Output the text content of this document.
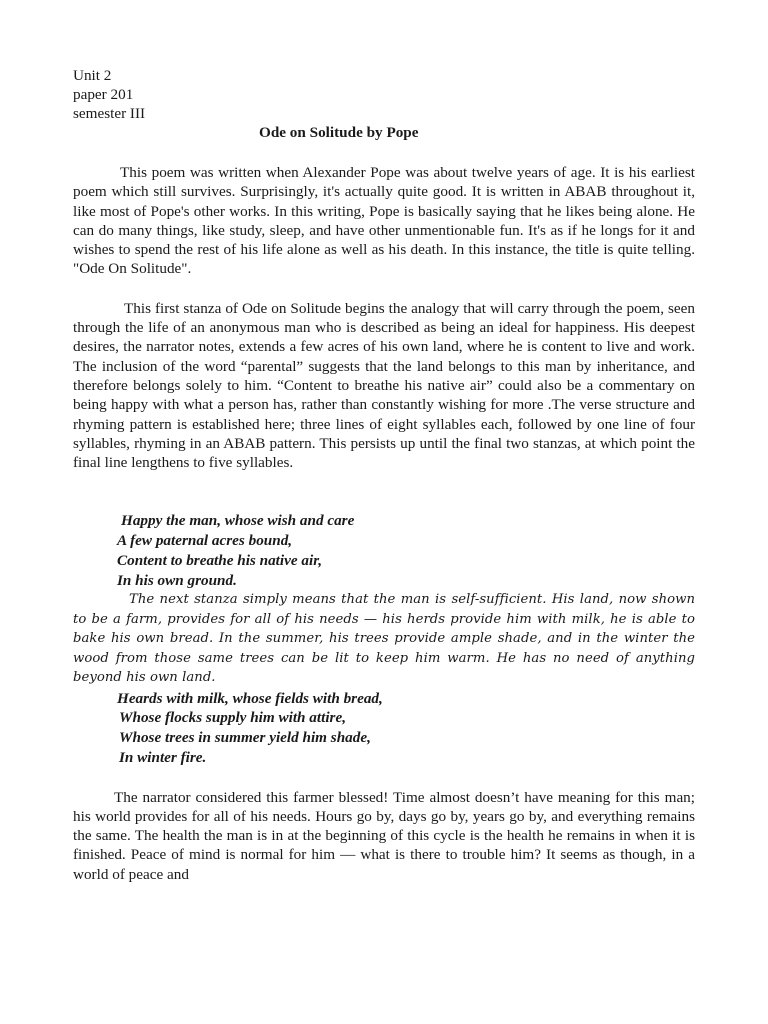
Unit 2

paper 201

semester III

Ode on Solitude by Pope

This poem was written when Alexander Pope was about twelve years of age. It is his earliest poem which still survives. Surprisingly, it's actually quite good. It is written in ABAB throughout it, like most of Pope's other works. In this writing, Pope is basically saying that he likes being alone. He can do many things, like study, sleep, and have other unmentionable fun. It's as if he longs for it and wishes to spend the rest of his life alone as well as his death. In this instance, the title is quite telling. "Ode On Solitude".

This first stanza of Ode on Solitude begins the analogy that will carry through the poem, seen through the life of an anonymous man who is described as being an ideal for happiness. His deepest desires, the narrator notes, extends a few acres of his own land, where he is content to live and work. The inclusion of the word “parental” suggests that the land belongs to this man by inheritance, and therefore belongs solely to him. “Content to breathe his native air” could also be a commentary on being happy with what a person has, rather than constantly wishing for more .The verse structure and rhyming pattern is established here; three lines of eight syllables each, followed by one line of four syllables, rhyming in an ABAB pattern. This persists up until the final two stanzas, at which point the final line lengthens to five syllables.

Happy the man, whose wish and care
A few paternal acres bound,
Content to breathe his native air,
In his own ground.

The next stanza simply means that the man is self-sufficient. His land, now shown to be a farm, provides for all of his needs — his herds provide him with milk, he is able to bake his own bread. In the summer, his trees provide ample shade, and in the winter the wood from those same trees can be lit to keep him warm. He has no need of anything beyond his own land.

Heards with milk, whose fields with bread,
Whose flocks supply him with attire,
Whose trees in summer yield him shade,
In winter fire.

The narrator considered this farmer blessed! Time almost doesn’t have meaning for this man; his world provides for all of his needs. Hours go by, days go by, years go by, and everything remains the same. The health the man is in at the beginning of this cycle is the health he remains in when it is finished. Peace of mind is normal for him — what is there to trouble him? It seems as though, in a world of peace and
